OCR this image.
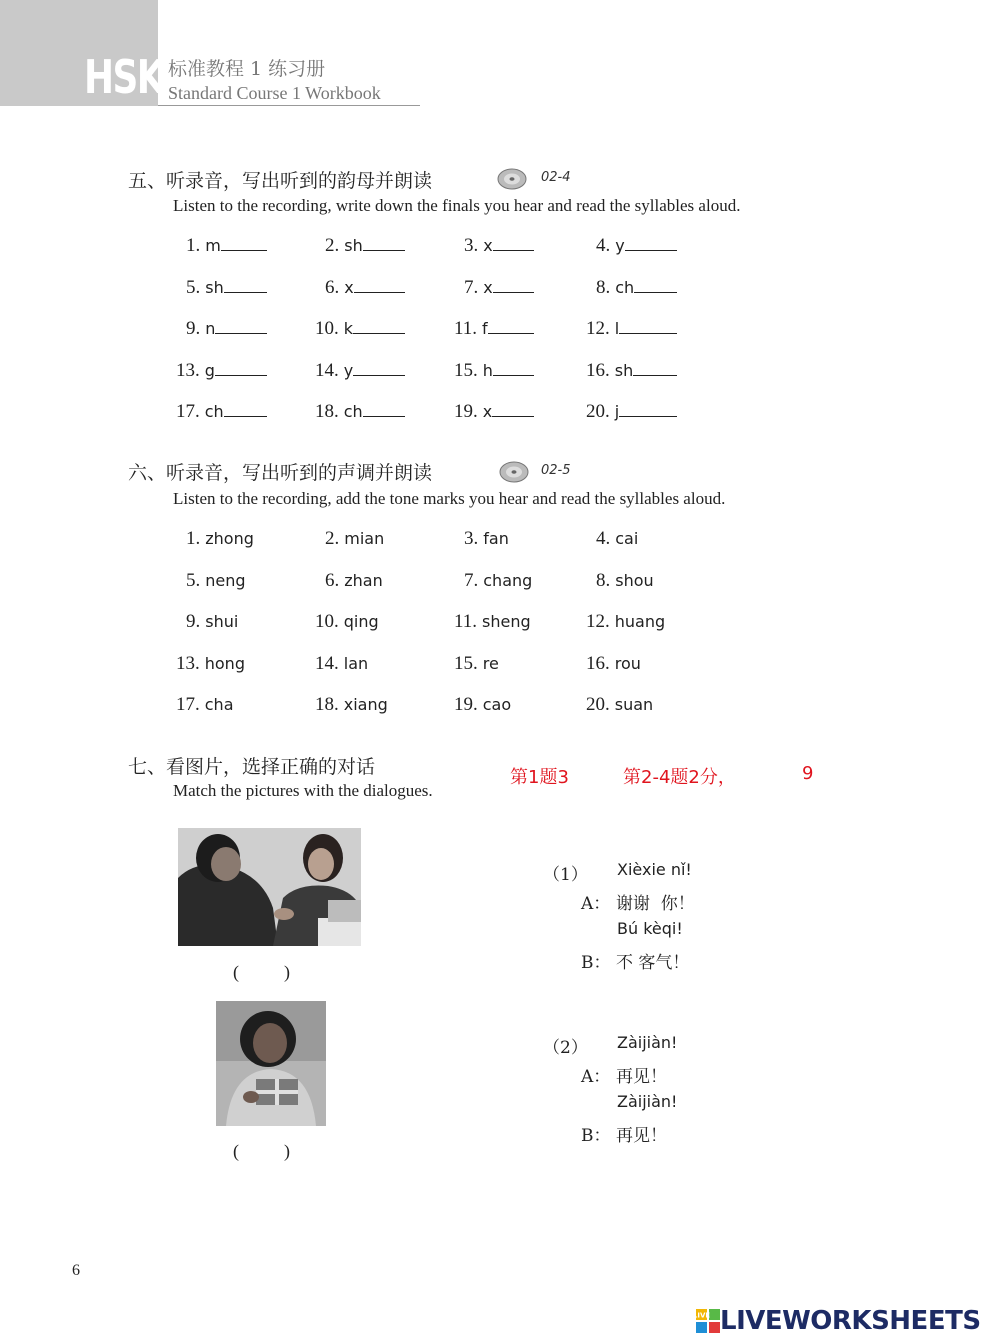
HSK 标准教程 1 练习册
Standard Course 1 Workbook
五、听录音，写出听到的韵母并朗读	02-4
Listen to the recording, write down the finals you hear and read the syllables aloud.
1. m	2. sh	3. x	4. y
5. sh	6. x	7. x	8. ch
9. n	10. k	11. f	12. l
13. g	14. y	15. h	16. sh
17. ch	18. ch	19. x	20. j
六、听录音，写出听到的声调并朗读	02-5
Listen to the recording, add the tone marks you hear and read the syllables aloud.
1. zhong	2. mian	3. fan	4. cai
5. neng	6. zhan	7. chang	8. shou
9. shui	10. qing	11. sheng	12. huang
13. hong	14. lan	15. re	16. rou
17. cha	18. xiang	19. cao	20. suan
七、看图片，选择正确的对话
Match the pictures with the dialogues.
第1题3	第2-4题2分，	9
(          )
(          )
（1） Xièxie nǐ!
A： 谢谢  你！
Bú kèqi!
B： 不 客气！
（2） Zàijiàn!
A： 再见！
Zàijiàn!
B： 再见！
6
LIVE LIVEWORKSHEETS
